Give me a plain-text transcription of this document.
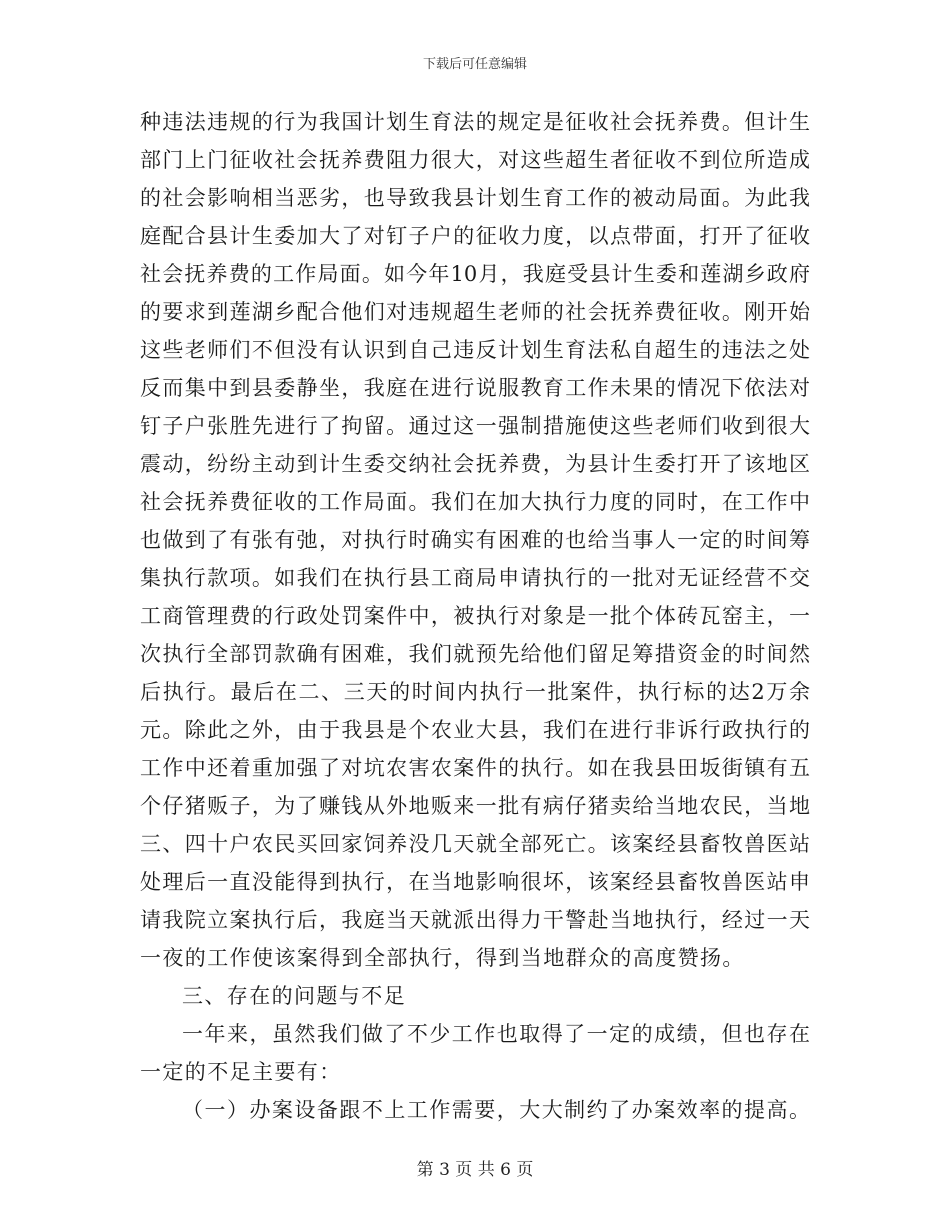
下载后可任意编辑
种违法违规的行为我国计划生育法的规定是征收社会抚养费。但计生
部门上门征收社会抚养费阻力很大，对这些超生者征收不到位所造成
的社会影响相当恶劣，也导致我县计划生育工作的被动局面。为此我
庭配合县计生委加大了对钉子户的征收力度，以点带面，打开了征收
社会抚养费的工作局面。如今年10月，我庭受县计生委和莲湖乡政府
的要求到莲湖乡配合他们对违规超生老师的社会抚养费征收。刚开始
这些老师们不但没有认识到自己违反计划生育法私自超生的违法之处
反而集中到县委静坐，我庭在进行说服教育工作未果的情况下依法对
钉子户张胜先进行了拘留。通过这一强制措施使这些老师们收到很大
震动，纷纷主动到计生委交纳社会抚养费，为县计生委打开了该地区
社会抚养费征收的工作局面。我们在加大执行力度的同时，在工作中
也做到了有张有弛，对执行时确实有困难的也给当事人一定的时间筹
集执行款项。如我们在执行县工商局申请执行的一批对无证经营不交
工商管理费的行政处罚案件中，被执行对象是一批个体砖瓦窑主，一
次执行全部罚款确有困难，我们就预先给他们留足筹措资金的时间然
后执行。最后在二、三天的时间内执行一批案件，执行标的达2万余
元。除此之外，由于我县是个农业大县，我们在进行非诉行政执行的
工作中还着重加强了对坑农害农案件的执行。如在我县田坂街镇有五
个仔猪贩子，为了赚钱从外地贩来一批有病仔猪卖给当地农民，当地
三、四十户农民买回家饲养没几天就全部死亡。该案经县畜牧兽医站
处理后一直没能得到执行，在当地影响很坏，该案经县畜牧兽医站申
请我院立案执行后，我庭当天就派出得力干警赴当地执行，经过一天
一夜的工作使该案得到全部执行，得到当地群众的高度赞扬。
三、存在的问题与不足
一年来，虽然我们做了不少工作也取得了一定的成绩，但也存在
一定的不足主要有：
（一）办案设备跟不上工作需要，大大制约了办案效率的提高。
第 3 页 共 6 页
